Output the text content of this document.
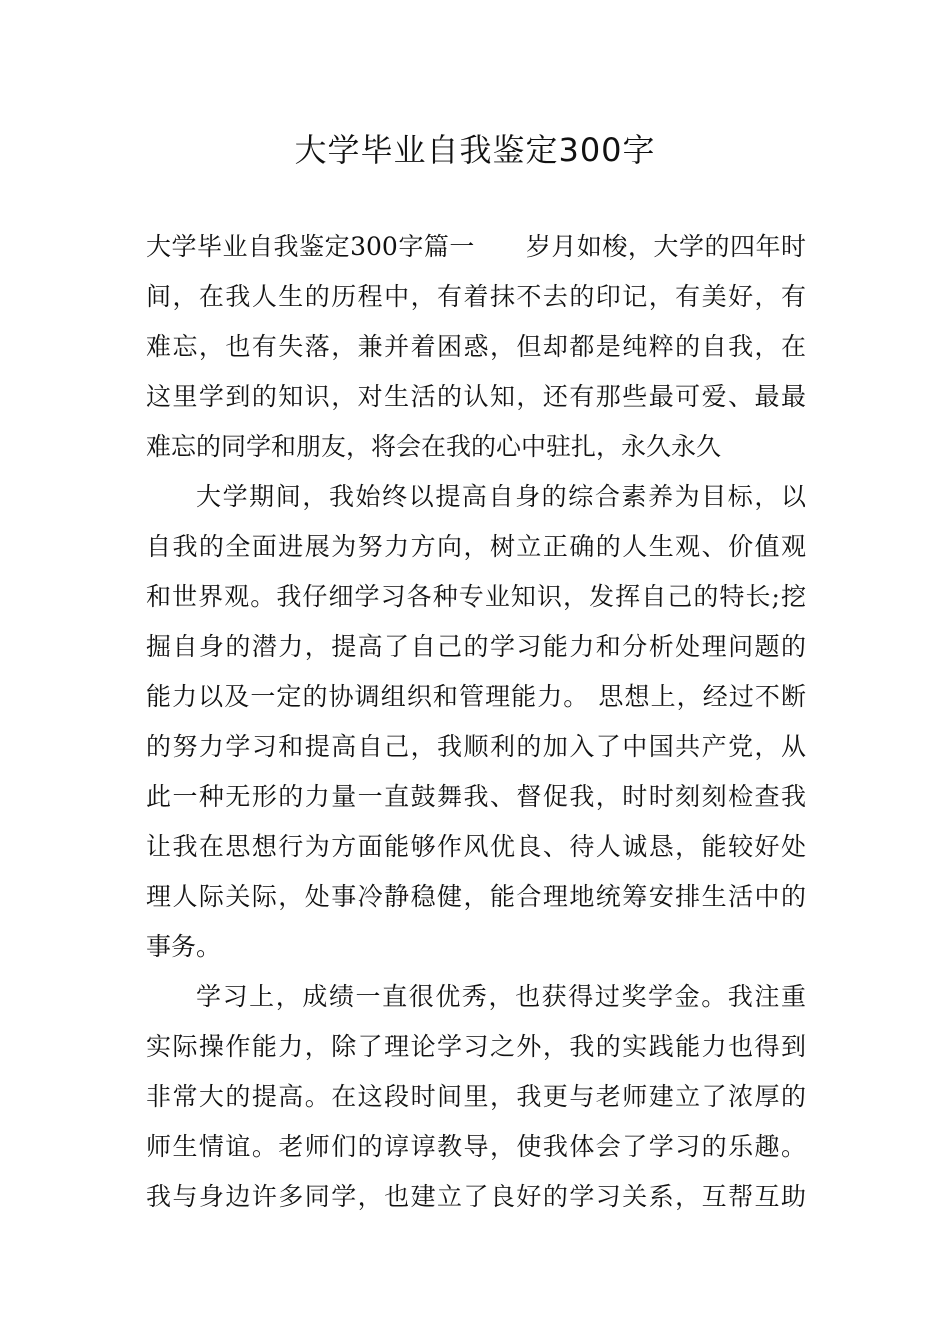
大学毕业自我鉴定300字
大学毕业自我鉴定300字篇一　　岁月如梭，大学的四年时
间，在我人生的历程中，有着抹不去的印记，有美好，有
难忘，也有失落，兼并着困惑，但却都是纯粹的自我，在
这里学到的知识，对生活的认知，还有那些最可爱、最最
难忘的同学和朋友，将会在我的心中驻扎，永久永久
大学期间，我始终以提高自身的综合素养为目标，以
自我的全面进展为努力方向，树立正确的人生观、价值观
和世界观。我仔细学习各种专业知识，发挥自己的特长;挖
掘自身的潜力，提高了自己的学习能力和分析处理问题的
能力以及一定的协调组织和管理能力。 思想上，经过不断
的努力学习和提高自己，我顺利的加入了中国共产党，从
此一种无形的力量一直鼓舞我、督促我，时时刻刻检查我
让我在思想行为方面能够作风优良、待人诚恳，能较好处
理人际关际，处事冷静稳健，能合理地统筹安排生活中的
事务。
学习上，成绩一直很优秀，也获得过奖学金。我注重
实际操作能力，除了理论学习之外，我的实践能力也得到
非常大的提高。在这段时间里，我更与老师建立了浓厚的
师生情谊。老师们的谆谆教导，使我体会了学习的乐趣。
我与身边许多同学，也建立了良好的学习关系，互帮互助
